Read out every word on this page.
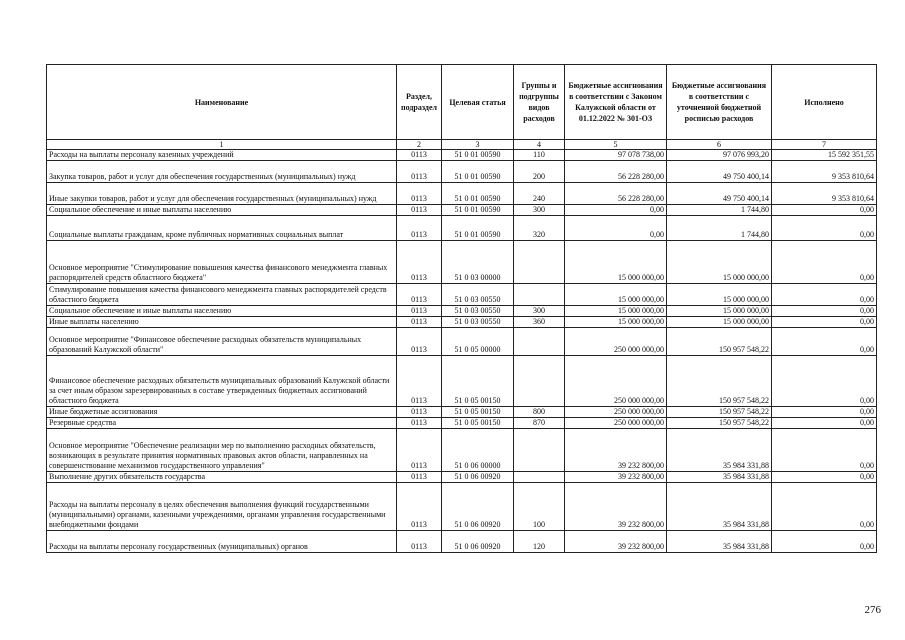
Наименование	Раздел, подраздел	Целевая статья	Группы и подгруппы видов расходов	Бюджетные ассигнования в соответствии с Законом Калужской области от 01.12.2022 № 301-ОЗ	Бюджетные ассигнования в соответствии с уточненной бюджетной росписью расходов	Исполнено
1	2	3	4	5	6	7
Расходы на выплаты персоналу казенных учреждений	0113	51 0 01 00590	110	97 078 738,00	97 076 993,20	15 592 351,55
Закупка товаров, работ и услуг для обеспечения государственных (муниципальных) нужд	0113	51 0 01 00590	200	56 228 280,00	49 750 400,14	9 353 810,64
Иные закупки товаров, работ и услуг для обеспечения государственных (муниципальных) нужд	0113	51 0 01 00590	240	56 228 280,00	49 750 400,14	9 353 810,64
Социальное обеспечение и иные выплаты населению	0113	51 0 01 00590	300	0,00	1 744,80	0,00
Социальные выплаты гражданам, кроме публичных нормативных социальных выплат	0113	51 0 01 00590	320	0,00	1 744,80	0,00
Основное мероприятие "Стимулирование повышения качества финансового менеджмента главных распорядителей средств областного бюджета"	0113	51 0 03 00000		15 000 000,00	15 000 000,00	0,00
Стимулирование повышения качества финансового менеджмента главных распорядителей средств областного бюджета	0113	51 0 03 00550		15 000 000,00	15 000 000,00	0,00
Социальное обеспечение и иные выплаты населению	0113	51 0 03 00550	300	15 000 000,00	15 000 000,00	0,00
Иные выплаты населению	0113	51 0 03 00550	360	15 000 000,00	15 000 000,00	0,00
Основное мероприятие "Финансовое обеспечение расходных обязательств муниципальных образований Калужской области"	0113	51 0 05 00000		250 000 000,00	150 957 548,22	0,00
Финансовое обеспечение расходных обязательств муниципальных образований Калужской области за счет иным образом зарезервированных в составе утвержденных бюджетных ассигнований областного бюджета	0113	51 0 05 00150		250 000 000,00	150 957 548,22	0,00
Иные бюджетные ассигнования	0113	51 0 05 00150	800	250 000 000,00	150 957 548,22	0,00
Резервные средства	0113	51 0 05 00150	870	250 000 000,00	150 957 548,22	0,00
Основное мероприятие "Обеспечение реализации мер по выполнению расходных обязательств, возникающих в результате принятия нормативных правовых актов области, направленных на совершенствование механизмов государственного управления"	0113	51 0 06 00000		39 232 800,00	35 984 331,88	0,00
Выполнение других обязательств государства	0113	51 0 06 00920		39 232 800,00	35 984 331,88	0,00
Расходы на выплаты персоналу в целях обеспечения выполнения функций государственными (муниципальными) органами, казенными учреждениями, органами управления государственными внебюджетными фондами	0113	51 0 06 00920	100	39 232 800,00	35 984 331,88	0,00
Расходы на выплаты персоналу государственных (муниципальных) органов	0113	51 0 06 00920	120	39 232 800,00	35 984 331,88	0,00
276
